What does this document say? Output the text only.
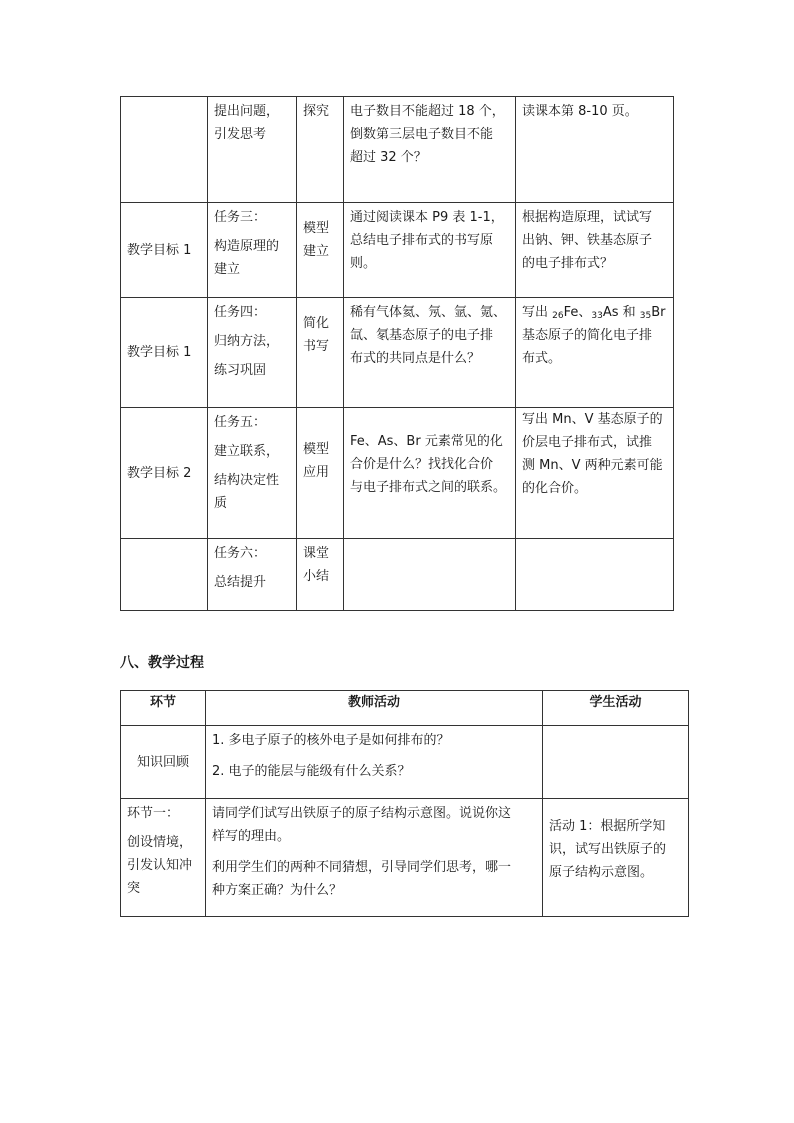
	提出问题，
引发思考	探究	电子数目不能超过 18 个，
倒数第三层电子数目不能
超过 32 个？	读课本第 8-10 页。

教学目标 1	任务三：
构造原理的
建立	模型
建立	通过阅读课本 P9 表 1-1，
总结电子排布式的书写原
则。	根据构造原理，试试写
出钠、钾、铁基态原子
的电子排布式？

教学目标 1	任务四：
归纳方法，
练习巩固	简化
书写	稀有气体氦、氖、氩、氪、
氙、氡基态原子的电子排
布式的共同点是什么？	写出 $_{26}$Fe、$_{33}$As 和 $_{35}$Br
基态原子的简化电子排
布式。

教学目标 2	任务五：
建立联系，
结构决定性
质	模型
应用	Fe、As、Br 元素常见的化
合价是什么？找找化合价
与电子排布式之间的联系。	写出 Mn、V 基态原子的
价层电子排布式，试推
测 Mn、V 两种元素可能
的化合价。

	任务六：
总结提升	课堂
小结		

八、教学过程
环节	教师活动	学生活动

知识回顾	1. 多电子原子的核外电子是如何排布的？
2. 电子的能层与能级有什么关系？	

环节一：
创设情境，
引发认知冲
突	请同学们试写出铁原子的原子结构示意图。说说你这
样写的理由。
利用学生们的两种不同猜想，引导同学们思考，哪一
种方案正确？为什么？	活动 1：根据所学知
识，试写出铁原子的
原子结构示意图。
